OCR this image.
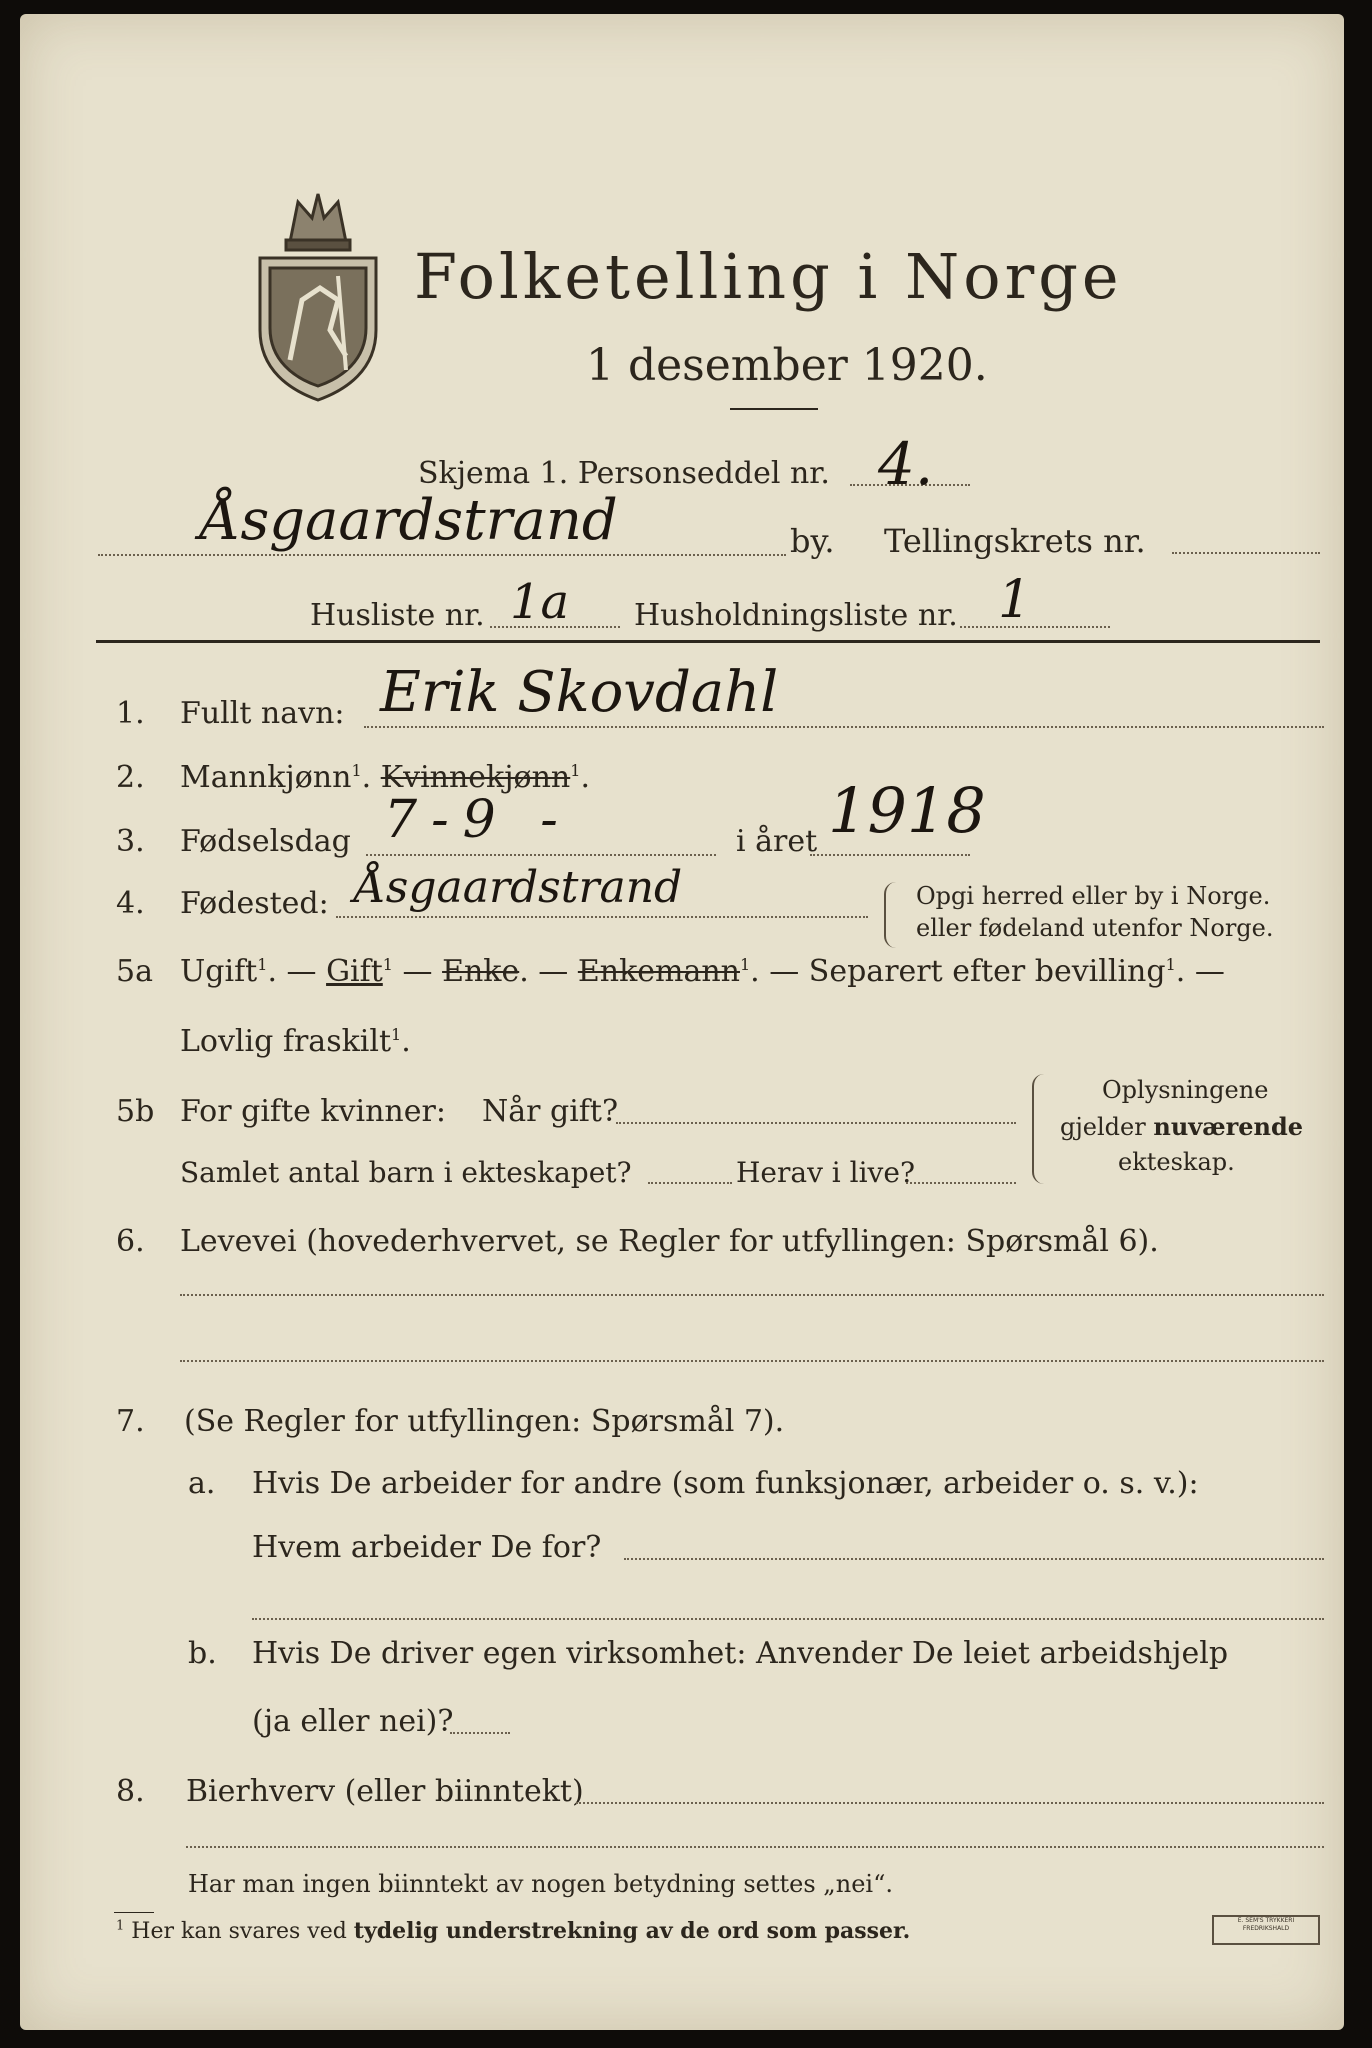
Folketelling i Norge
1 desember 1920.
Skjema 1. Personseddel nr. 4.
Åsgaardstrand	by. Tellingskrets nr.
Husliste nr. 1a Husholdningsliste nr. 1
1. Fullt navn: Erik Skovdahl
2. Mannkjønn$^1$. Kvinnekjønn$^1$.
3. Fødselsdag 7-9 -	i året 1918
4. Fødested: Åsgaardstrand	Opgi herred eller by i Norge.
eller fødeland utenfor Norge.
5a Ugift$^1$. — Gift$^1$ — Enke. — Enkemann$^1$. — Separert efter bevilling$^1$. —
Lovlig fraskilt$^1$.
5b For gifte kvinner: Når gift?
Samlet antal barn i ekteskapet?	Herav i live?
Oplysningene
gjelder nuværende
ekteskap.
6. Levevei (hovederhvervet, se Regler for utfyllingen: Spørsmål 6).
7. (Se Regler for utfyllingen: Spørsmål 7).
a. Hvis De arbeider for andre (som funksjonær, arbeider o. s. v.):
Hvem arbeider De for?
b. Hvis De driver egen virksomhet: Anvender De leiet arbeidshjelp
(ja eller nei)?
8. Bierhverv (eller biinntekt)
Har man ingen biinntekt av nogen betydning settes „nei“.
$^1$ Her kan svares ved tydelig understrekning av de ord som passer.	E. SEM'S TRYKKERI
FREDRIKSHALD
